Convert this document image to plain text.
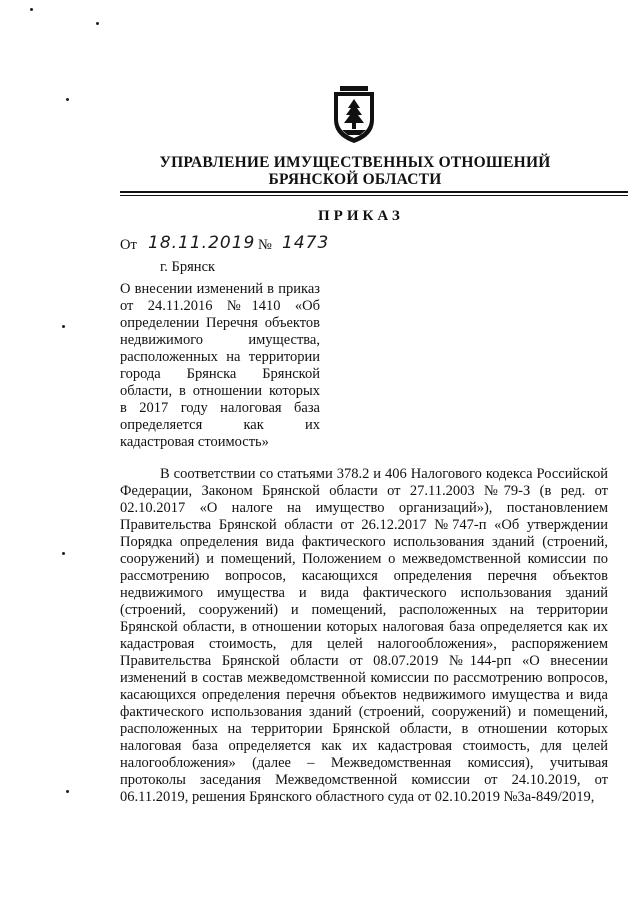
УПРАВЛЕНИЕ ИМУЩЕСТВЕННЫХ ОТНОШЕНИЙ
БРЯНСКОЙ ОБЛАСТИ
ПРИКАЗ
От 18.11.2019 № 1473
г. Брянск
О внесении изменений в приказ от 24.11.2016 №1410 «Об определении Перечня объектов недвижимого имущества, расположенных на территории города Брянска Брянской области, в отношении которых в 2017 году налоговая база определяется как их кадастровая стоимость»
В соответствии со статьями 378.2 и 406 Налогового кодекса Российской Федерации, Законом Брянской области от 27.11.2003 №79-З (в ред. от 02.10.2017 «О налоге на имущество организаций»), постановлением Правительства Брянской области от 26.12.2017 №747-п «Об утверждении Порядка определения вида фактического использования зданий (строений, сооружений) и помещений, Положением о межведомственной комиссии по рассмотрению вопросов, касающихся определения перечня объектов недвижимого имущества и вида фактического использования зданий (строений, сооружений) и помещений, расположенных на территории Брянской области, в отношении которых налоговая база определяется как их кадастровая стоимость, для целей налогообложения», распоряжением Правительства Брянской области от 08.07.2019 №144-рп «О внесении изменений в состав межведомственной комиссии по рассмотрению вопросов, касающихся определения перечня объектов недвижимого имущества и вида фактического использования зданий (строений, сооружений) и помещений, расположенных на территории Брянской области, в отношении которых налоговая база определяется как их кадастровая стоимость, для целей налогообложения» (далее – Межведомственная комиссия), учитывая протоколы заседания Межведомственной комиссии от 24.10.2019, от 06.11.2019, решения Брянского областного суда от 02.10.2019 №3а-849/2019,
